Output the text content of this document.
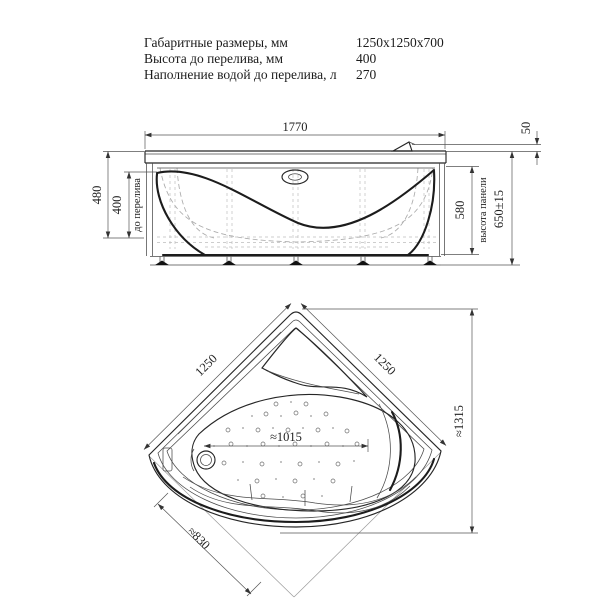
Габаритные размеры, мм	1250x1250x700
Высота до перелива, мм	400
Наполнение водой до перелива, л 270
1770	50
480
400 до перелива	580 высота панели 650±15
1250	1250
≈1015
≈1315
≈830
